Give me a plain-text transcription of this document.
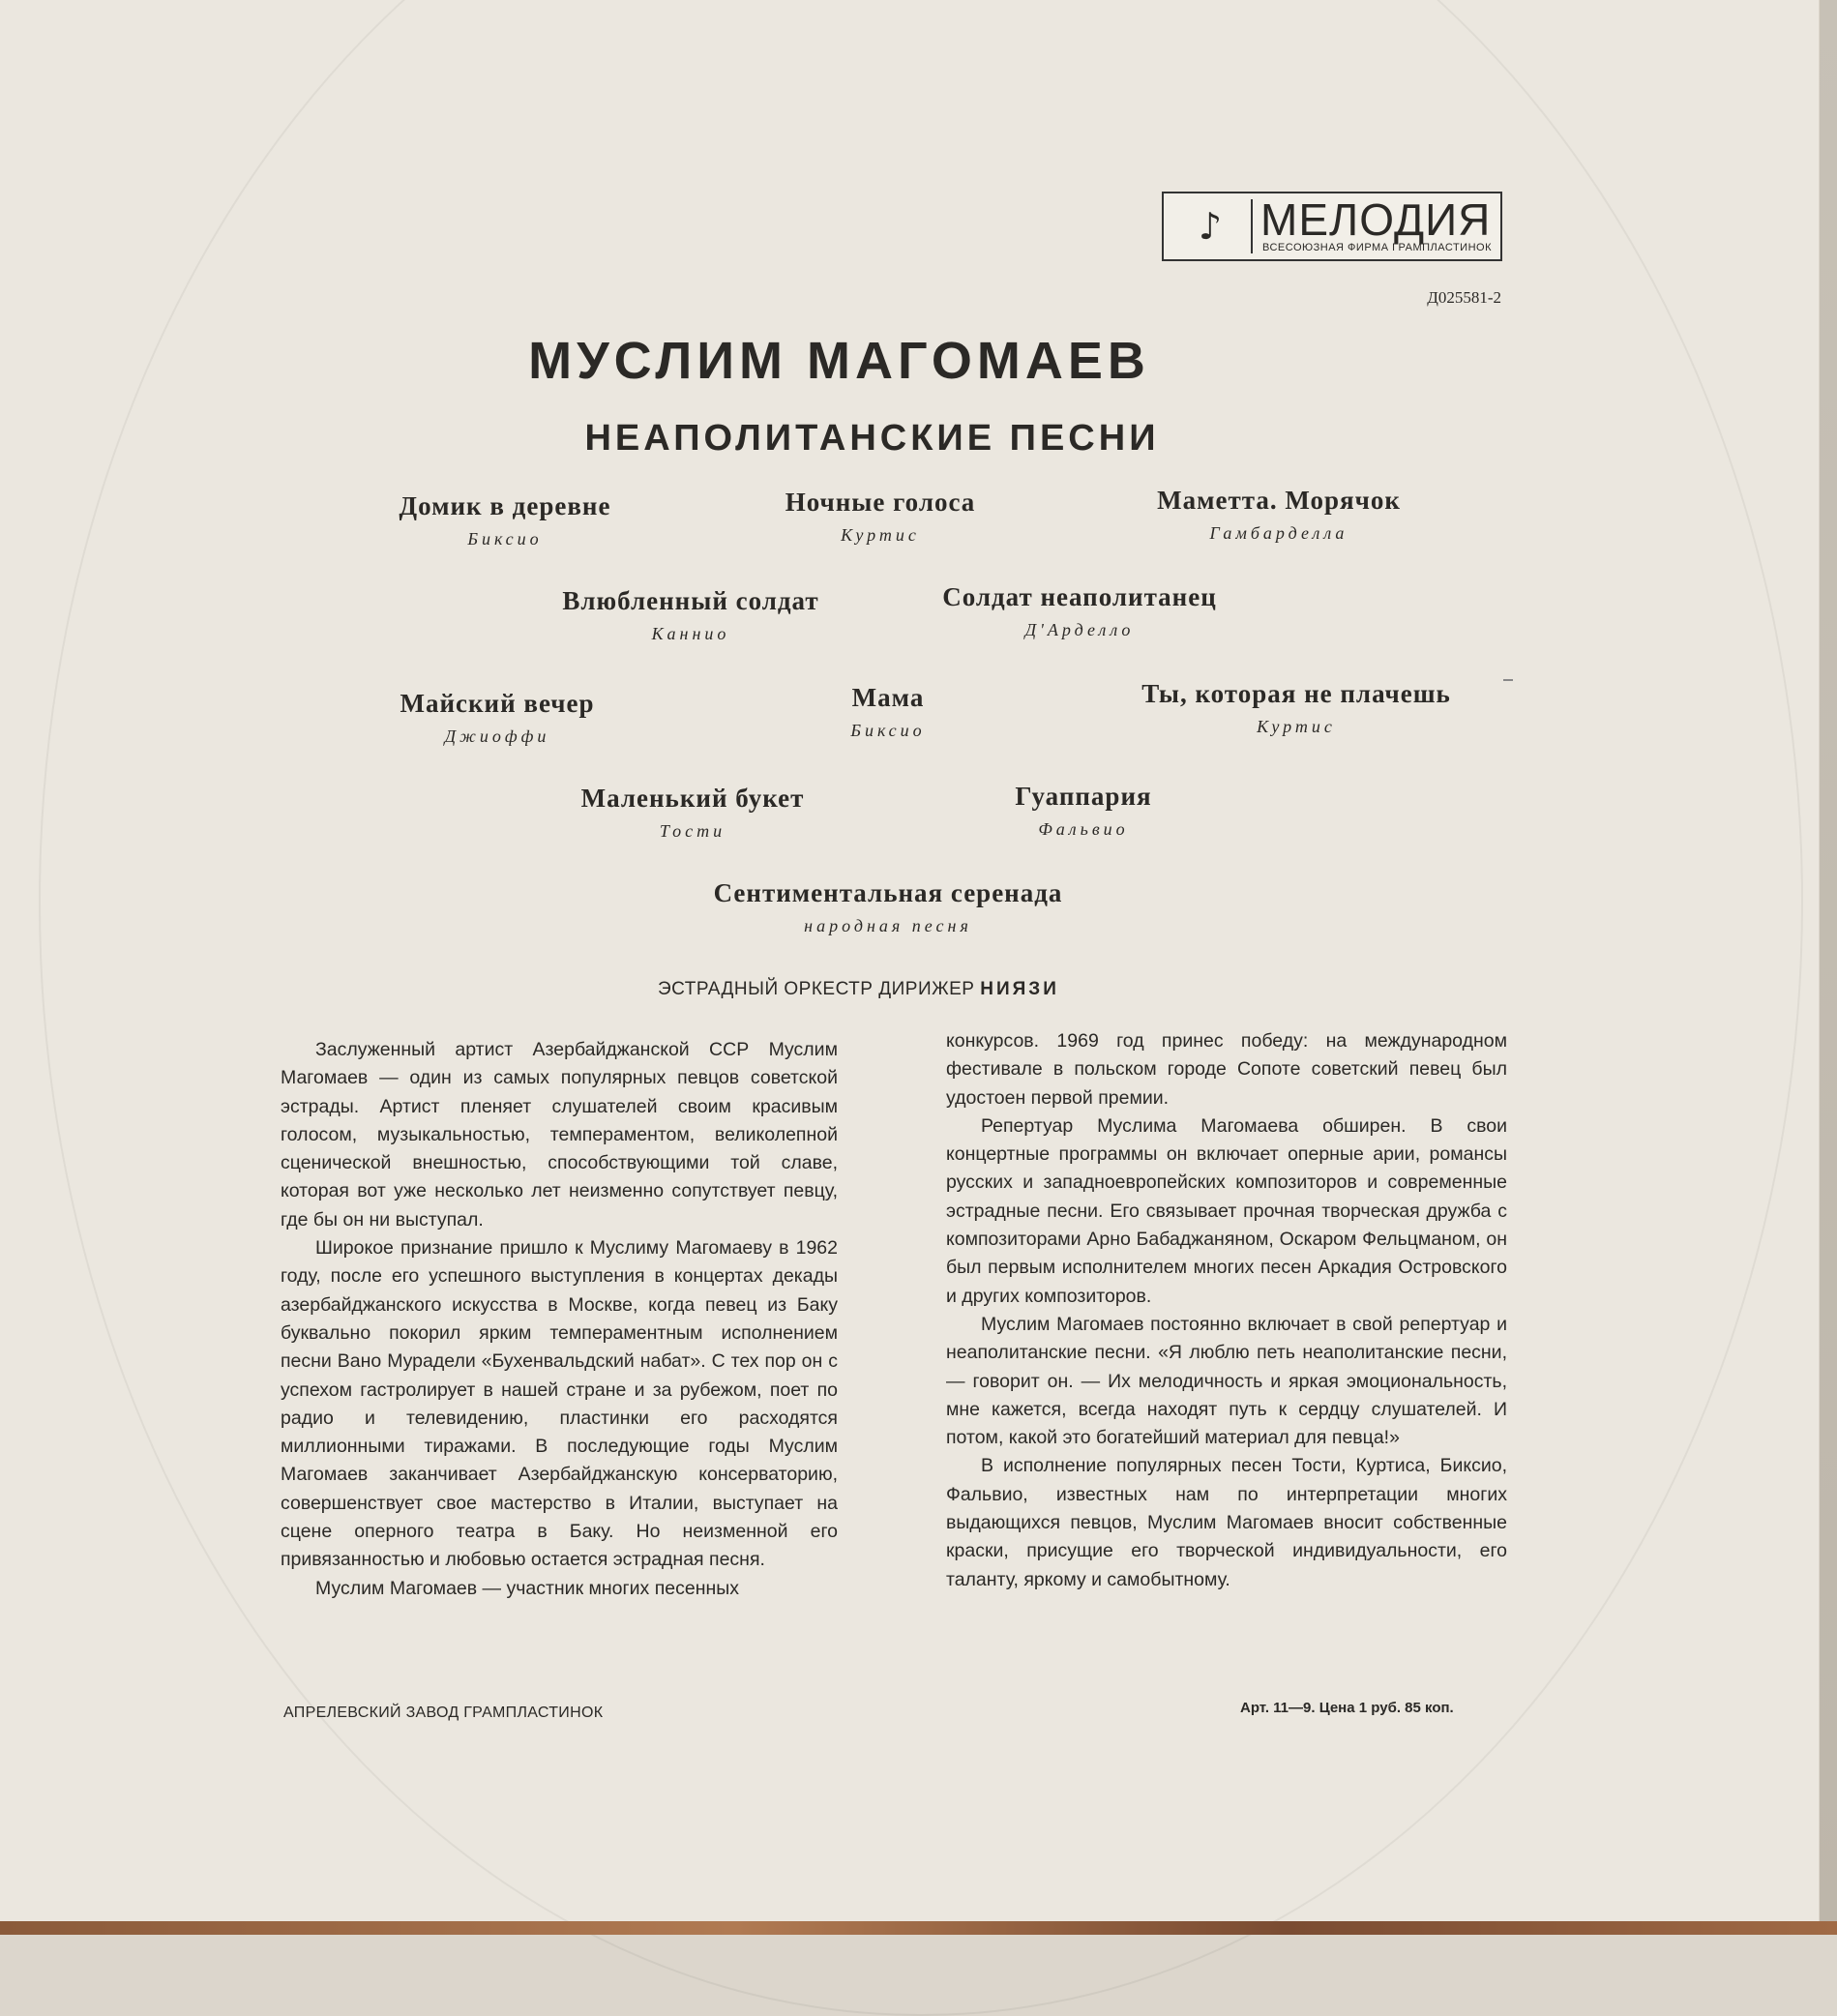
♪ МЕЛОДИЯ
ВСЕСОЮЗНАЯ ФИРМА ГРАМПЛАСТИНОК
Д025581-2
МУСЛИМ МАГОМАЕВ
НЕАПОЛИТАНСКИЕ ПЕСНИ
Домик в деревне
Биксио
Ночные голоса
Куртис
Маметта. Морячок
Гамбарделла
Влюбленный солдат
Каннио
Солдат неаполитанец
Д'Арделло
Майский вечер
Джиоффи
Мама
Биксио
Ты, которая не плачешь
Куртис
Маленький букет
Тости
Гуаппария
Фальвио
Сентиментальная серенада
народная песня
ЭСТРАДНЫЙ ОРКЕСТР ДИРИЖЕР НИЯЗИ

Заслуженный артист Азербайджанской ССР Муслим Магомаев — один из самых популярных певцов советской эстрады. Артист пленяет слушателей своим красивым голосом, музыкальностью, темпераментом, великолепной сценической внешностью, способствующими той славе, которая вот уже несколько лет неизменно сопутствует певцу, где бы он ни выступал.

Широкое признание пришло к Муслиму Магомаеву в 1962 году, после его успешного выступления в концертах декады азербайджанского искусства в Москве, когда певец из Баку буквально покорил ярким темпераментным исполнением песни Вано Мурадели «Бухенвальдский набат». С тех пор он с успехом гастролирует в нашей стране и за рубежом, поет по радио и телевидению, пластинки его расходятся миллионными тиражами. В последующие годы Муслим Магомаев заканчивает Азербайджанскую консерваторию, совершенствует свое мастерство в Италии, выступает на сцене оперного театра в Баку. Но неизменной его привязанностью и любовью остается эстрадная песня.

Муслим Магомаев — участник многих песенных

конкурсов. 1969 год принес победу: на международном фестивале в польском городе Сопоте советский певец был удостоен первой премии.

Репертуар Муслима Магомаева обширен. В свои концертные программы он включает оперные арии, романсы русских и западноевропейских композиторов и современные эстрадные песни. Его связывает прочная творческая дружба с композиторами Арно Бабаджаняном, Оскаром Фельцманом, он был первым исполнителем многих песен Аркадия Островского и других композиторов.

Муслим Магомаев постоянно включает в свой репертуар и неаполитанские песни. «Я люблю петь неаполитанские песни, — говорит он. — Их мелодичность и яркая эмоциональность, мне кажется, всегда находят путь к сердцу слушателей. И потом, какой это богатейший материал для певца!»

В исполнение популярных песен Тости, Куртиса, Биксио, Фальвио, известных нам по интерпретации многих выдающихся певцов, Муслим Магомаев вносит собственные краски, присущие его творческой индивидуальности, его таланту, яркому и самобытному.

АПРЕЛЕВСКИЙ ЗАВОД ГРАМПЛАСТИНОК	Арт. 11—9. Цена 1 руб. 85 коп.
